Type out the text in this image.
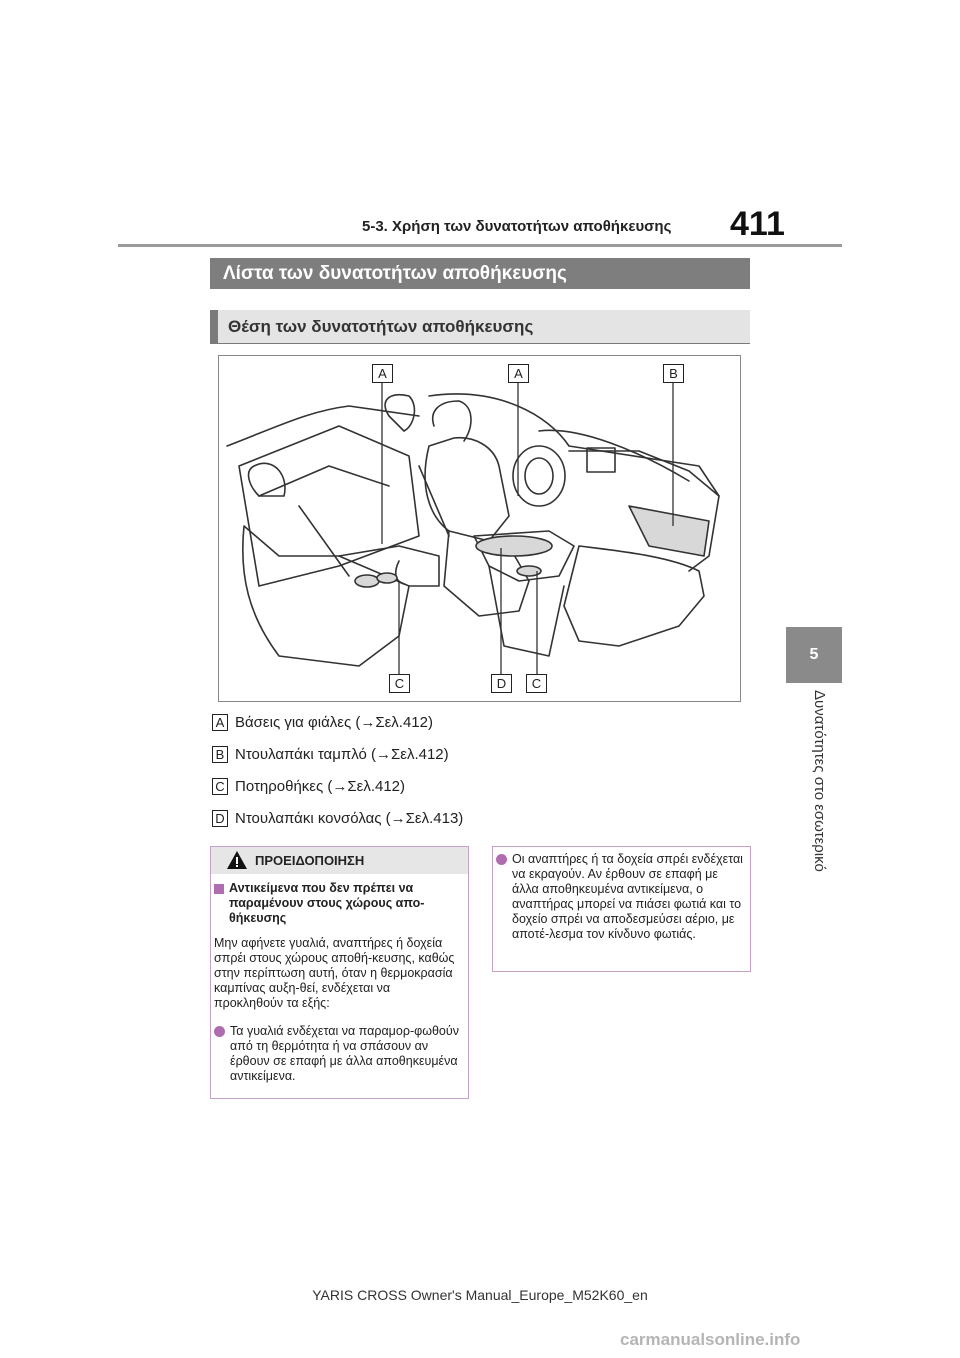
5-3. Χρήση των δυνατοτήτων αποθήκευσης 411
5
Δυνατότητες στο εσωτερικό
Λίστα των δυνατοτήτων αποθήκευσης
Θέση των δυνατοτήτων αποθήκευσης
A	A	B
C	D	C
A Βάσεις για φιάλες (→Σελ.412)
B Ντουλαπάκι ταμπλό (→Σελ.412)
C Ποτηροθήκες (→Σελ.412)
D Ντουλαπάκι κονσόλας (→Σελ.413)
ΠΡΟΕΙΔΟΠΟΙΗΣΗ
Αντικείμενα που δεν πρέπει να παραμένουν στους χώρους απο-θήκευσης
Μην αφήνετε γυαλιά, αναπτήρες ή δοχεία σπρέι στους χώρους αποθή-κευσης, καθώς στην περίπτωση αυτή, όταν η θερμοκρασία καμπίνας αυξη-θεί, ενδέχεται να προκληθούν τα εξής:
Τα γυαλιά ενδέχεται να παραμορ-φωθούν από τη θερμότητα ή να σπάσουν αν έρθουν σε επαφή με άλλα αποθηκευμένα αντικείμενα.
Οι αναπτήρες ή τα δοχεία σπρέι ενδέχεται να εκραγούν. Αν έρθουν σε επαφή με άλλα αποθηκευμένα αντικείμενα, ο αναπτήρας μπορεί να πιάσει φωτιά και το δοχείο σπρέι να αποδεσμεύσει αέριο, με αποτέ-λεσμα τον κίνδυνο φωτιάς.
YARIS CROSS Owner's Manual_Europe_M52K60_en
carmanualsonline.info
